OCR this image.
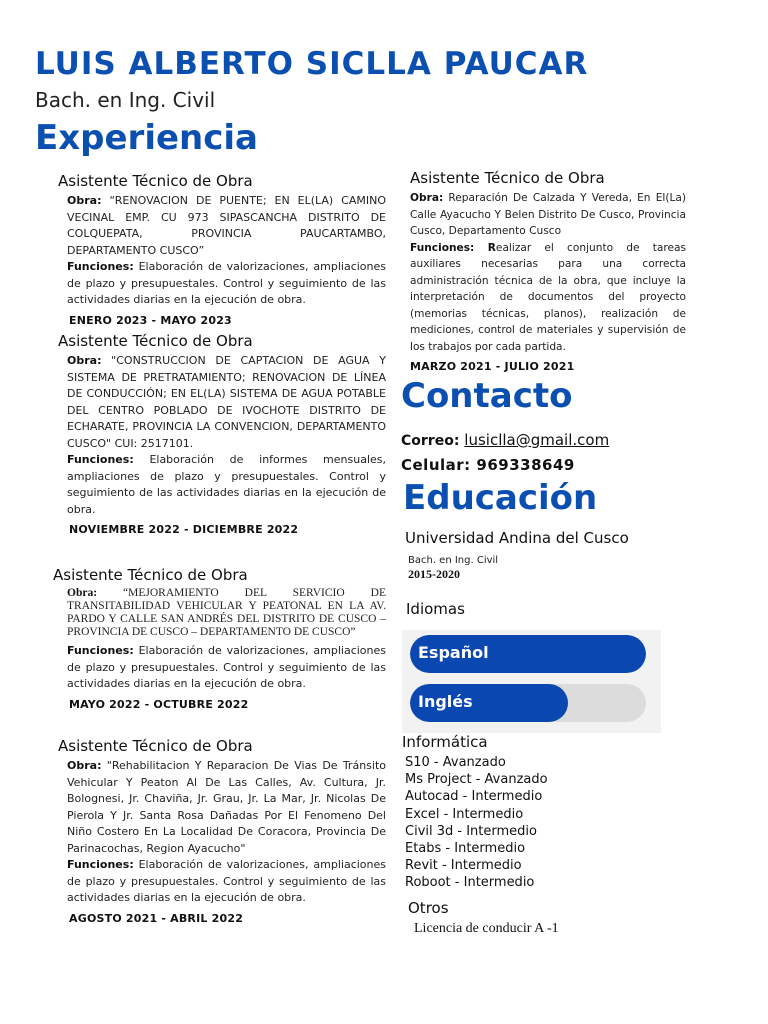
LUIS ALBERTO SICLLA PAUCAR
Bach. en Ing. Civil
Experiencia
Asistente Técnico de Obra

Obra: “RENOVACION DE PUENTE; EN EL(LA) CAMINO VECINAL EMP. CU 973 SIPASCANCHA DISTRITO DE COLQUEPATA, PROVINCIA PAUCARTAMBO, DEPARTAMENTO CUSCO”

Funciones: Elaboración de valorizaciones, ampliaciones de plazo y presupuestales. Control y seguimiento de las actividades diarias en la ejecución de obra.

ENERO 2023 - MAYO 2023
Asistente Técnico de Obra

Obra: "CONSTRUCCION DE CAPTACION DE AGUA Y SISTEMA DE PRETRATAMIENTO; RENOVACION DE LÍNEA DE CONDUCCIÓN; EN EL(LA) SISTEMA DE AGUA POTABLE DEL CENTRO POBLADO DE IVOCHOTE DISTRITO DE ECHARATE, PROVINCIA LA CONVENCION, DEPARTAMENTO CUSCO" CUI: 2517101.

Funciones: Elaboración de informes mensuales, ampliaciones de plazo y presupuestales. Control y seguimiento de las actividades diarias en la ejecución de obra.

NOVIEMBRE 2022 - DICIEMBRE 2022
Asistente Técnico de Obra

Obra: “MEJORAMIENTO DEL SERVICIO DE TRANSITABILIDAD VEHICULAR Y PEATONAL EN LA AV. PARDO Y CALLE SAN ANDRÉS DEL DISTRITO DE CUSCO – PROVINCIA DE CUSCO – DEPARTAMENTO DE CUSCO”

Funciones: Elaboración de valorizaciones, ampliaciones de plazo y presupuestales. Control y seguimiento de las actividades diarias en la ejecución de obra.

MAYO 2022 - OCTUBRE 2022
Asistente Técnico de Obra

Obra: "Rehabilitacion Y Reparacion De Vias De Tránsito Vehicular Y Peaton Al De Las Calles, Av. Cultura, Jr. Bolognesi, Jr. Chaviña, Jr. Grau, Jr. La Mar, Jr. Nicolas De Pierola Y Jr. Santa Rosa Dañadas Por El Fenomeno Del Niño Costero En La Localidad De Coracora, Provincia De Parinacochas, Region Ayacucho"

Funciones: Elaboración de valorizaciones, ampliaciones de plazo y presupuestales. Control y seguimiento de las actividades diarias en la ejecución de obra.

AGOSTO 2021 - ABRIL 2022
Asistente Técnico de Obra

Obra: Reparación De Calzada Y Vereda, En El(La) Calle Ayacucho Y Belen Distrito De Cusco, Provincia Cusco, Departamento Cusco

Funciones: Realizar el conjunto de tareas auxiliares necesarias para una correcta administración técnica de la obra, que incluye la interpretación de documentos del proyecto (memorias técnicas, planos), realización de mediciones, control de materiales y supervisión de los trabajos por cada partida.

MARZO 2021 - JULIO 2021
Contacto
Correo: lusiclla@gmail.com
Celular: 969338649
Educación
Universidad Andina del Cusco
Bach. en Ing. Civil
2015-2020
Idiomas
Español
Inglés
Informática
S10 - Avanzado
Ms Project - Avanzado
Autocad - Intermedio
Excel - Intermedio
Civil 3d - Intermedio
Etabs - Intermedio
Revit - Intermedio
Roboot - Intermedio
Otros
Licencia de conducir A -1
